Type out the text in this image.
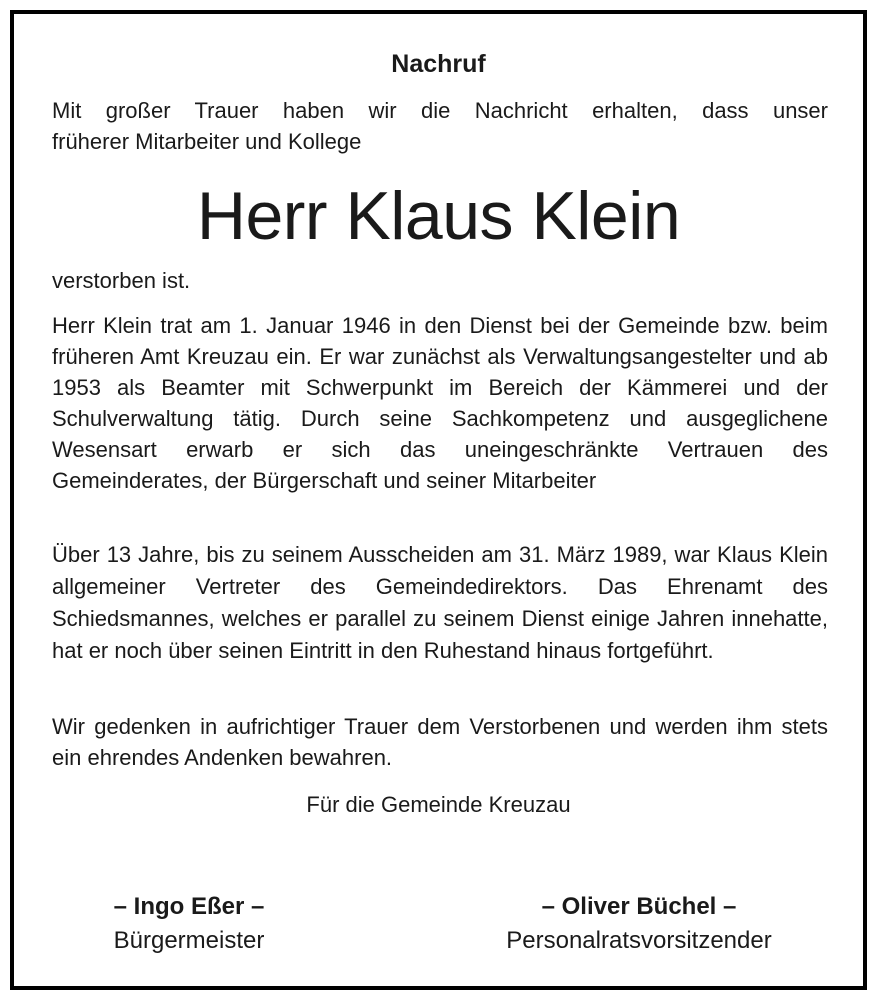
Nachruf

Mit großer Trauer haben wir die Nachricht erhalten, dass unser
früherer Mitarbeiter und Kollege

Herr Klaus Klein

verstorben ist.

Herr Klein trat am 1. Januar 1946 in den Dienst bei der Gemeinde bzw. beim früheren Amt Kreuzau ein. Er war zunächst als Verwaltungsangestelter und ab 1953 als Beamter mit Schwerpunkt im Bereich der Kämmerei und der Schulverwaltung tätig. Durch seine Sachkompetenz und ausgeglichene Wesensart erwarb er sich das uneingeschränkte Vertrauen des Gemeinderates, der Bürgerschaft und seiner Mitarbeiter

Über 13 Jahre, bis zu seinem Ausscheiden am 31. März 1989, war Klaus Klein allgemeiner Vertreter des Gemeindedirektors. Das Ehrenamt des Schiedsmannes, welches er parallel zu seinem Dienst einige Jahren innehatte, hat er noch über seinen Eintritt in den Ruhestand hinaus fortgeführt.

Wir gedenken in aufrichtiger Trauer dem Verstorbenen und werden ihm stets ein ehrendes Andenken bewahren.

Für die Gemeinde Kreuzau
– Ingo Eßer –
Bürgermeister
– Oliver Büchel –
Personalratsvorsitzender
